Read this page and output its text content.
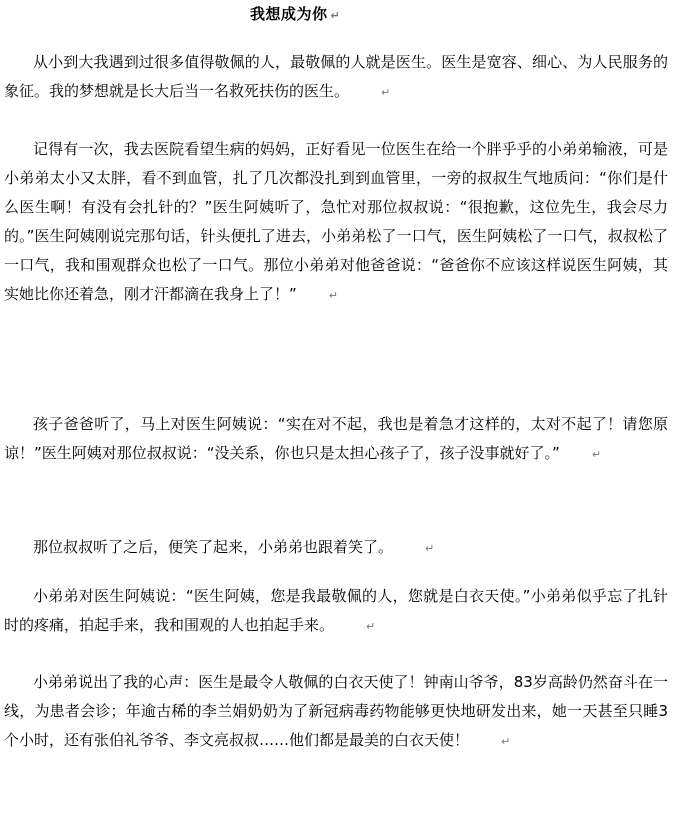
我想成为你 ↵

从小到大我遇到过很多值得敬佩的人，最敬佩的人就是医生。医生是宽容、细心、为人民服务的象征。我的梦想就是长大后当一名救死扶伤的医生。	↵

记得有一次，我去医院看望生病的妈妈，正好看见一位医生在给一个胖乎乎的小弟弟输液，可是小弟弟太小又太胖，看不到血管，扎了几次都没扎到到血管里，一旁的叔叔生气地质问：“你们是什么医生啊！有没有会扎针的？”医生阿姨听了，急忙对那位叔叔说：“很抱歉，这位先生，我会尽力的。”医生阿姨刚说完那句话，针头便扎了进去，小弟弟松了一口气，医生阿姨松了一口气，叔叔松了一口气，我和围观群众也松了一口气。那位小弟弟对他爸爸说：“爸爸你不应该这样说医生阿姨，其实她比你还着急，刚才汗都滴在我身上了！”	↵

孩子爸爸听了，马上对医生阿姨说：“实在对不起，我也是着急才这样的，太对不起了！请您原谅！”医生阿姨对那位叔叔说：“没关系，你也只是太担心孩子了，孩子没事就好了。”	↵

那位叔叔听了之后，便笑了起来，小弟弟也跟着笑了。	↵

小弟弟对医生阿姨说：“医生阿姨，您是我最敬佩的人，您就是白衣天使。”小弟弟似乎忘了扎针时的疼痛，拍起手来，我和围观的人也拍起手来。	↵

小弟弟说出了我的心声：医生是最令人敬佩的白衣天使了！钟南山爷爷，83岁高龄仍然奋斗在一线，为患者会诊；年逾古稀的李兰娟奶奶为了新冠病毒药物能够更快地研发出来，她一天甚至只睡3个小时，还有张伯礼爷爷、李文亮叔叔……他们都是最美的白衣天使！	↵
